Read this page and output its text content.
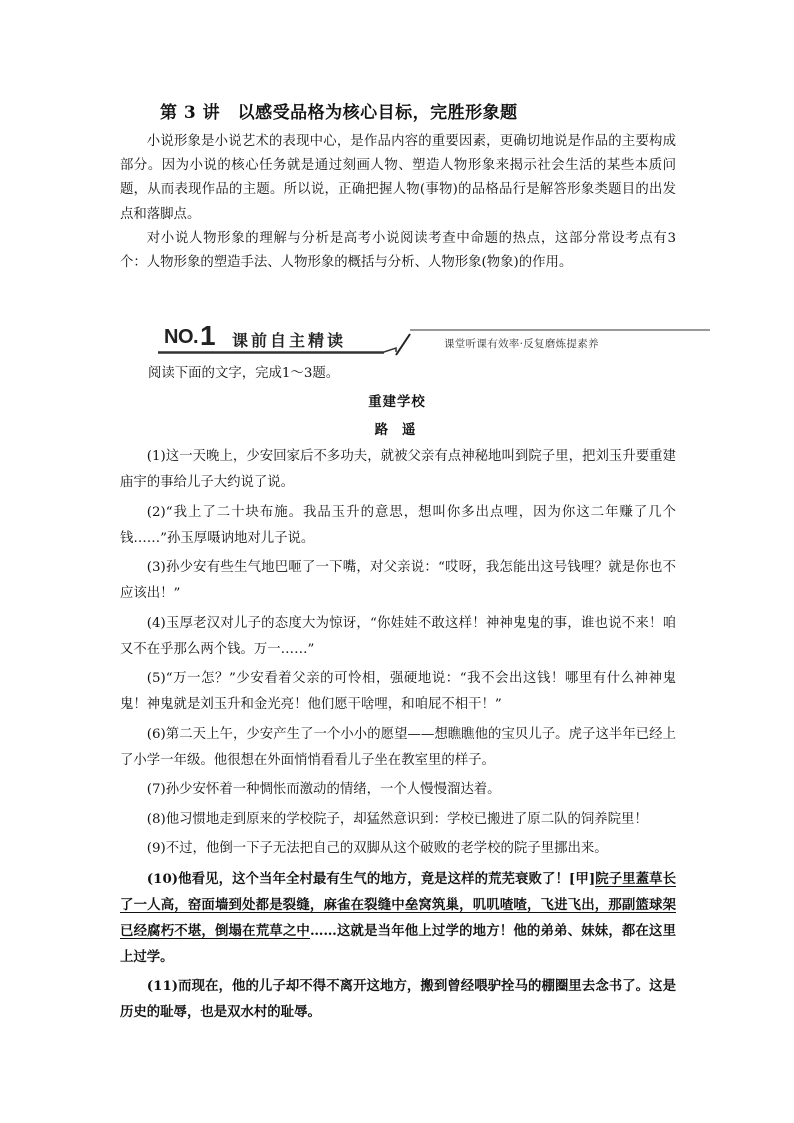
第 3 讲　以感受品格为核心目标，完胜形象题

小说形象是小说艺术的表现中心，是作品内容的重要因素，更确切地说是作品的主要构成部分。因为小说的核心任务就是通过刻画人物、塑造人物形象来揭示社会生活的某些本质问题，从而表现作品的主题。所以说，正确把握人物(事物)的品格品行是解答形象类题目的出发点和落脚点。

对小说人物形象的理解与分析是高考小说阅读考查中命题的热点，这部分常设考点有3个：人物形象的塑造手法、人物形象的概括与分析、人物形象(物象)的作用。

NO. 1 课前自主精读	课堂听课有效率·反复磨炼提素养

阅读下面的文字，完成1～3题。

重建学校

路遥

(1)这一天晚上，少安回家后不多功夫，就被父亲有点神秘地叫到院子里，把刘玉升要重建庙宇的事给儿子大约说了说。

(2)“我上了二十块布施。我品玉升的意思，想叫你多出点哩，因为你这二年赚了几个钱……”孙玉厚嗫讷地对儿子说。

(3)孙少安有些生气地巴咂了一下嘴，对父亲说：“哎呀，我怎能出这号钱哩？就是你也不应该出！”

(4)玉厚老汉对儿子的态度大为惊讶，“你娃娃不敢这样！神神鬼鬼的事，谁也说不来！咱又不在乎那么两个钱。万一……”

(5)“万一怎？”少安看着父亲的可怜相，强硬地说：“我不会出这钱！哪里有什么神神鬼鬼！神鬼就是刘玉升和金光亮！他们愿干啥哩，和咱屁不相干！”

(6)第二天上午，少安产生了一个小小的愿望——想瞧瞧他的宝贝儿子。虎子这半年已经上了小学一年级。他很想在外面悄悄看看儿子坐在教室里的样子。

(7)孙少安怀着一种惆怅而激动的情绪，一个人慢慢溜达着。

(8)他习惯地走到原来的学校院子，却猛然意识到：学校已搬进了原二队的饲养院里！

(9)不过，他倒一下子无法把自己的双脚从这个破败的老学校的院子里挪出来。

(10)他看见，这个当年全村最有生气的地方，竟是这样的荒芜衰败了！[甲]院子里蓋草长了一人高，窑面墙到处都是裂缝，麻雀在裂缝中垒窝筑巢，叽叽喳喳，飞进飞出，那副篮球架已经腐朽不堪，倒塌在荒草之中……这就是当年他上过学的地方！他的弟弟、妹妹，都在这里上过学。

(11)而现在，他的儿子却不得不离开这地方，搬到曾经喂驴拴马的棚圈里去念书了。这是历史的耻辱，也是双水村的耻辱。
